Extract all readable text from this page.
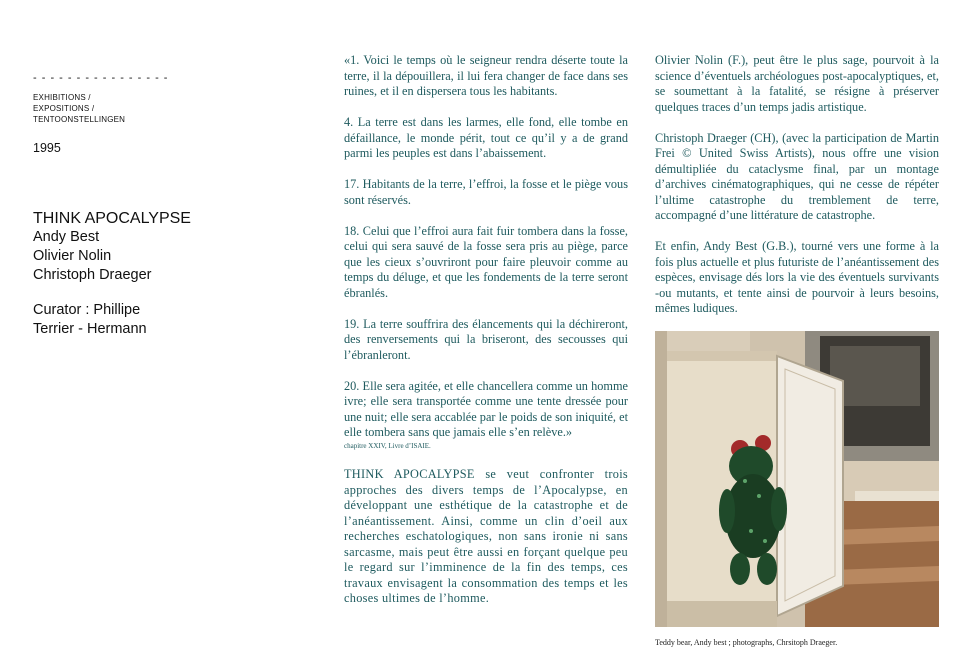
- - - - - - - - - - - - - - - -
EXHIBITIONS /
EXPOSITIONS /
TENTOONSTELLINGEN
1995
THINK APOCALYPSE
Andy Best
Olivier Nolin
Christoph Draeger
Curator : Phillipe
Terrier - Hermann

«1. Voici le temps où le seigneur rendra déserte toute la terre, il la dépouillera, il lui fera changer de face dans ses ruines, et il en dispersera tous les habitants.

4. La terre est dans les larmes, elle fond, elle tombe en défaillance, le monde périt, tout ce qu’il y a de grand parmi les peuples est dans l’abaissement.

17. Habitants de la terre, l’effroi, la fosse et le piège vous sont réservés.

18. Celui que l’effroi aura fait fuir tombera dans la fosse, celui qui sera sauvé de la fosse sera pris au piège, parce que les cieux s’ouvriront pour faire pleuvoir comme au temps du déluge, et que les fondements de la terre seront ébranlés.

19. La terre souffrira des élancements qui la déchireront, des renversements qui la briseront, des secousses qui l’ébranleront.

20. Elle sera agitée, et elle chancellera comme un homme ivre; elle sera transportée comme une tente dressée pour une nuit; elle sera accablée par le poids de son iniquité, et elle tombera sans que jamais elle s’en relève.»

chapitre XXIV, Livre d’ISAIE.

THINK APOCALYPSE se veut confronter trois approches des divers temps de l’Apocalypse, en développant une esthétique de la catastrophe et de l’anéantissement. Ainsi, comme un clin d’oeil aux recherches eschatologiques, non sans ironie ni sans sarcasme, mais peut être aussi en forçant quelque peu le regard sur l’imminence de la fin des temps, ces travaux envisagent la consommation des temps et les choses ultimes de l’homme.

Olivier Nolin (F.), peut être le plus sage, pourvoit à la science d’éventuels archéologues post-apocalyptiques, et, se soumettant à la fatalité, se résigne à préserver quelques traces d’un temps jadis artistique.

Christoph Draeger (CH), (avec la participation de Martin Frei © United Swiss Artists), nous offre une vision démultipliée du cataclysme final, par un montage d’archives cinématographiques, qui ne cesse de répéter l’ultime catastrophe du tremblement de terre, accompagné d’une littérature de catastrophe.

Et enfin, Andy Best (G.B.), tourné vers une forme à la fois plus actuelle et plus futuriste de l’anéantissement des espèces, envisage dés lors la vie des éventuels survivants -ou mutants, et tente ainsi de pourvoir à leurs besoins, mêmes ludiques.

Teddy bear, Andy best ; photographs, Chrsitoph Draeger.
